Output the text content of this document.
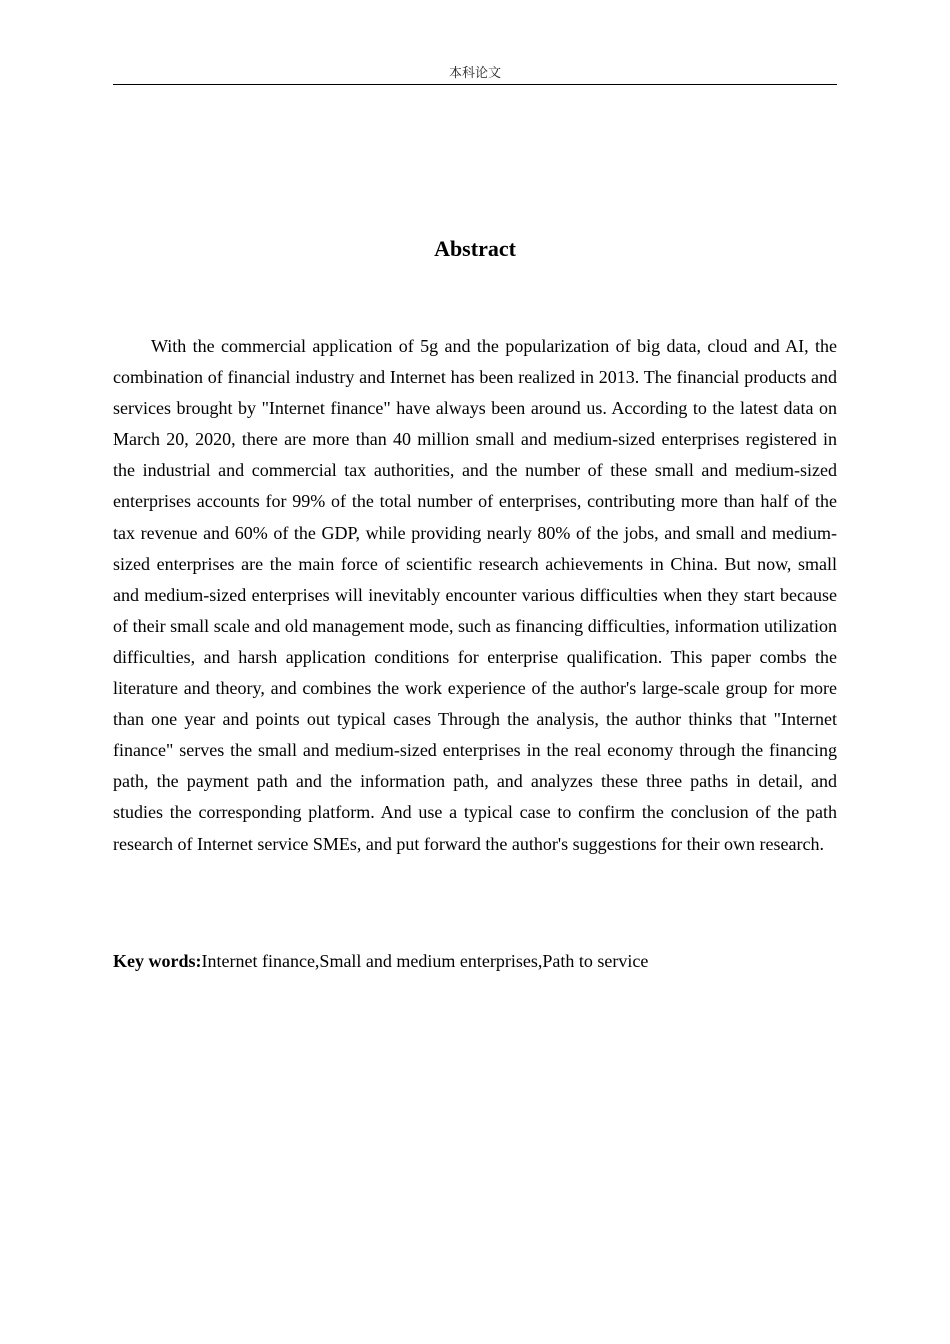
本科论文
Abstract

With the commercial application of 5g and the popularization of big data, cloud and AI, the combination of financial industry and Internet has been realized in 2013. The financial products and services brought by "Internet finance" have always been around us. According to the latest data on March 20, 2020, there are more than 40 million small and medium-sized enterprises registered in the industrial and commercial tax authorities, and the number of these small and medium-sized enterprises accounts for 99% of the total number of enterprises, contributing more than half of the tax revenue and 60% of the GDP, while providing nearly 80% of the jobs, and small and medium-sized enterprises are the main force of scientific research achievements in China. But now, small and medium-sized enterprises will inevitably encounter various difficulties when they start because of their small scale and old management mode, such as financing difficulties, information utilization difficulties, and harsh application conditions for enterprise qualification. This paper combs the literature and theory, and combines the work experience of the author's large-scale group for more than one year and points out typical cases Through the analysis, the author thinks that "Internet finance" serves the small and medium-sized enterprises in the real economy through the financing path, the payment path and the information path, and analyzes these three paths in detail, and studies the corresponding platform. And use a typical case to confirm the conclusion of the path research of Internet service SMEs, and put forward the author's suggestions for their own research.

Key words:Internet finance,Small and medium enterprises,Path to service
